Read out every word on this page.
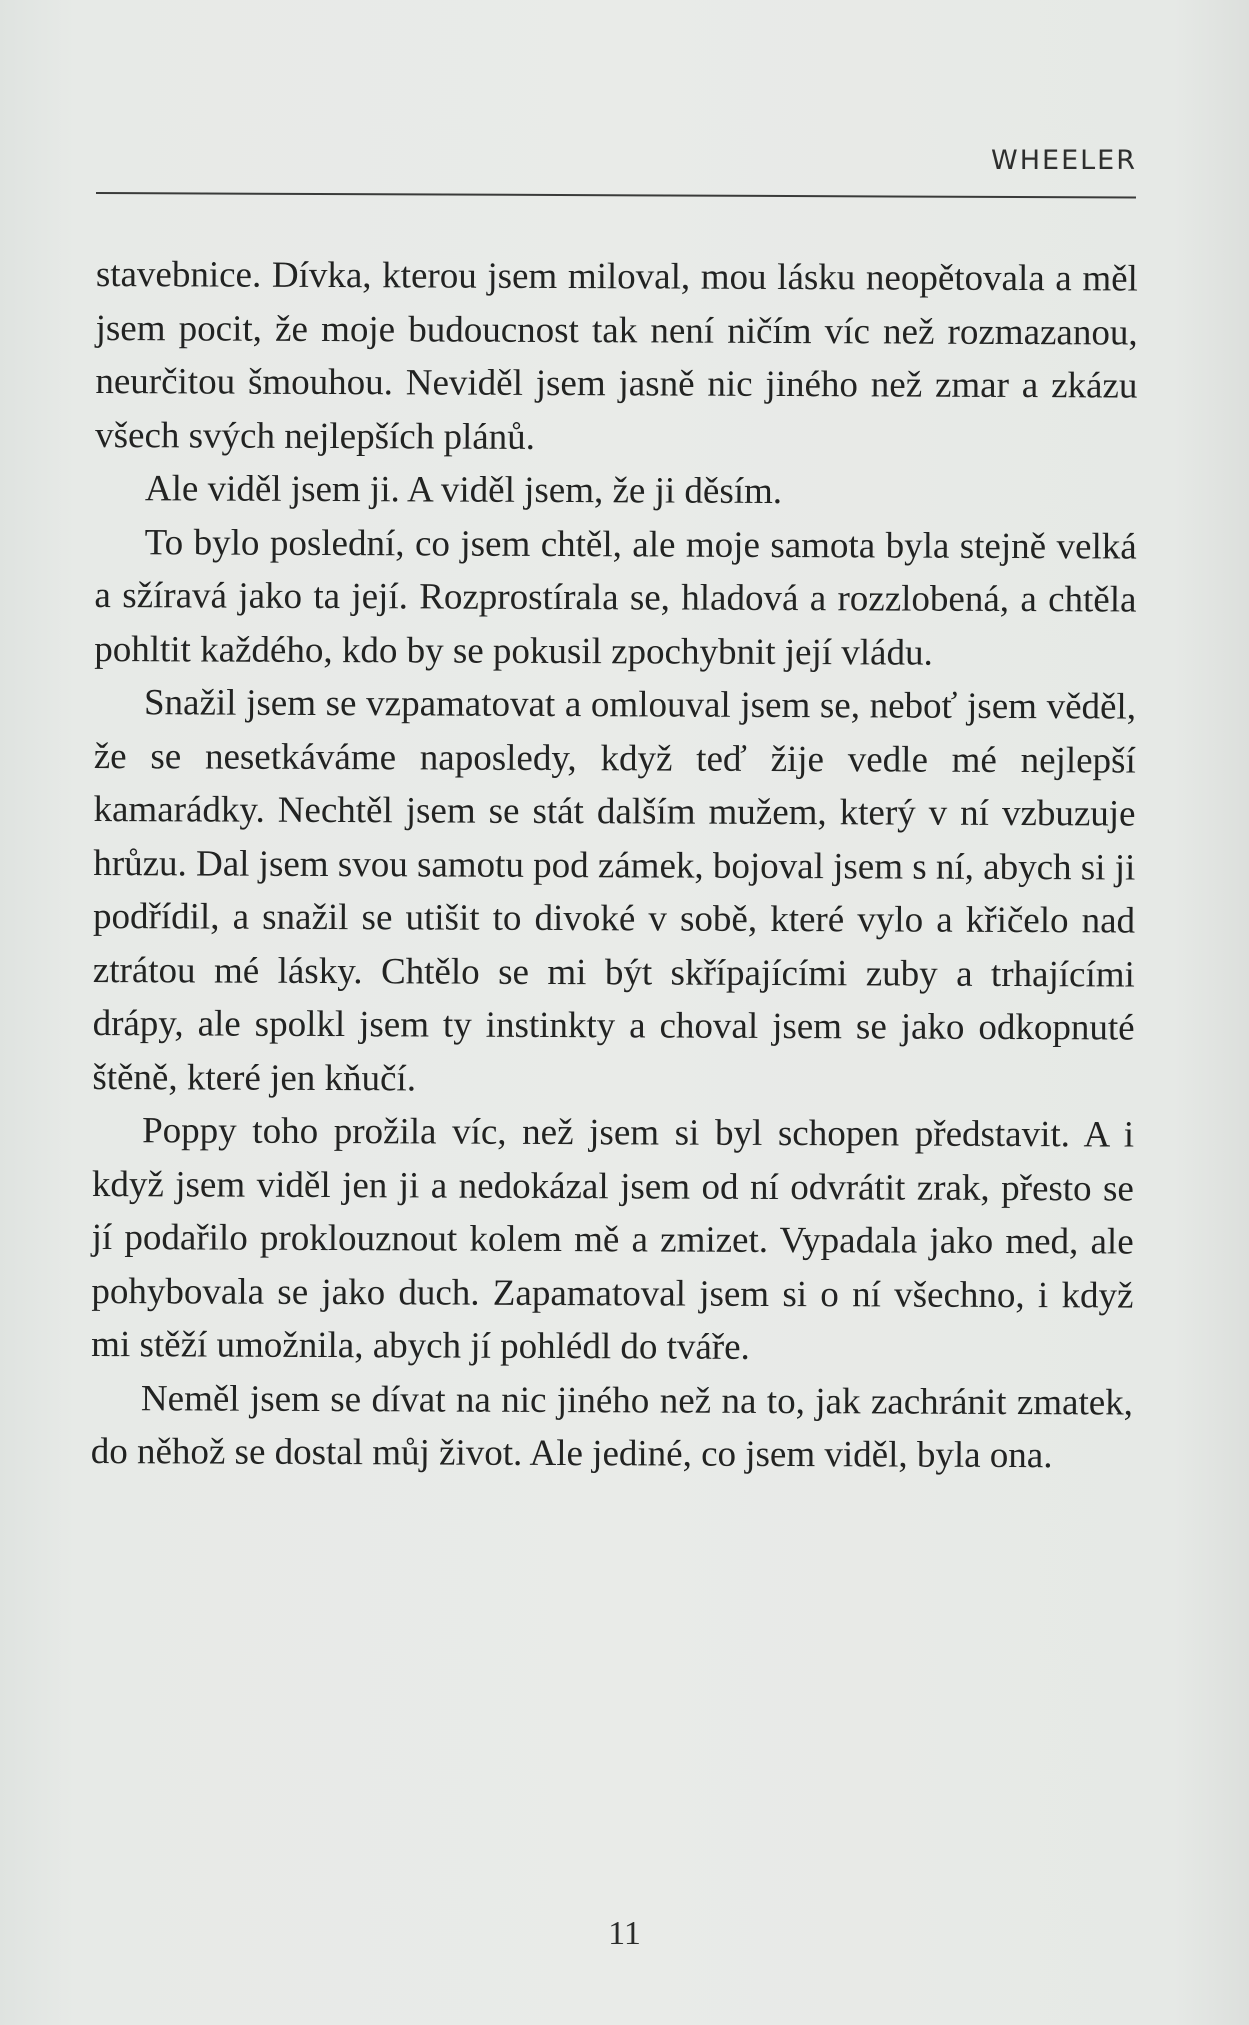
WHEELER

stavebnice. Dívka, kterou jsem miloval, mou lásku neopětovala a měl jsem pocit, že moje budoucnost tak není ničím víc než rozmazanou, neurčitou šmouhou. Neviděl jsem jasně nic jiného než zmar a zkázu všech svých nejlepších plánů.

Ale viděl jsem ji. A viděl jsem, že ji děsím.

To bylo poslední, co jsem chtěl, ale moje samota byla stejně velká a sžíravá jako ta její. Rozprostírala se, hladová a rozzlobená, a chtěla pohltit každého, kdo by se pokusil zpochybnit její vládu.

Snažil jsem se vzpamatovat a omlouval jsem se, neboť jsem věděl, že se nesetkáváme naposledy, když teď žije vedle mé nejlepší kamarádky. Nechtěl jsem se stát dalším mužem, který v ní vzbuzuje hrůzu. Dal jsem svou samotu pod zámek, bojoval jsem s ní, abych si ji podřídil, a snažil se utišit to divoké v sobě, které vylo a křičelo nad ztrátou mé lásky. Chtělo se mi být skřípajícími zuby a trhajícími drápy, ale spolkl jsem ty instinkty a choval jsem se jako odkopnuté štěně, které jen kňučí.

Poppy toho prožila víc, než jsem si byl schopen představit. A i když jsem viděl jen ji a nedokázal jsem od ní odvrátit zrak, přesto se jí podařilo proklouznout kolem mě a zmizet. Vypadala jako med, ale pohybovala se jako duch. Zapamatoval jsem si o ní všechno, i když mi stěží umožnila, abych jí pohlédl do tváře.

Neměl jsem se dívat na nic jiného než na to, jak zachránit zmatek, do něhož se dostal můj život. Ale jediné, co jsem viděl, byla ona.

11
